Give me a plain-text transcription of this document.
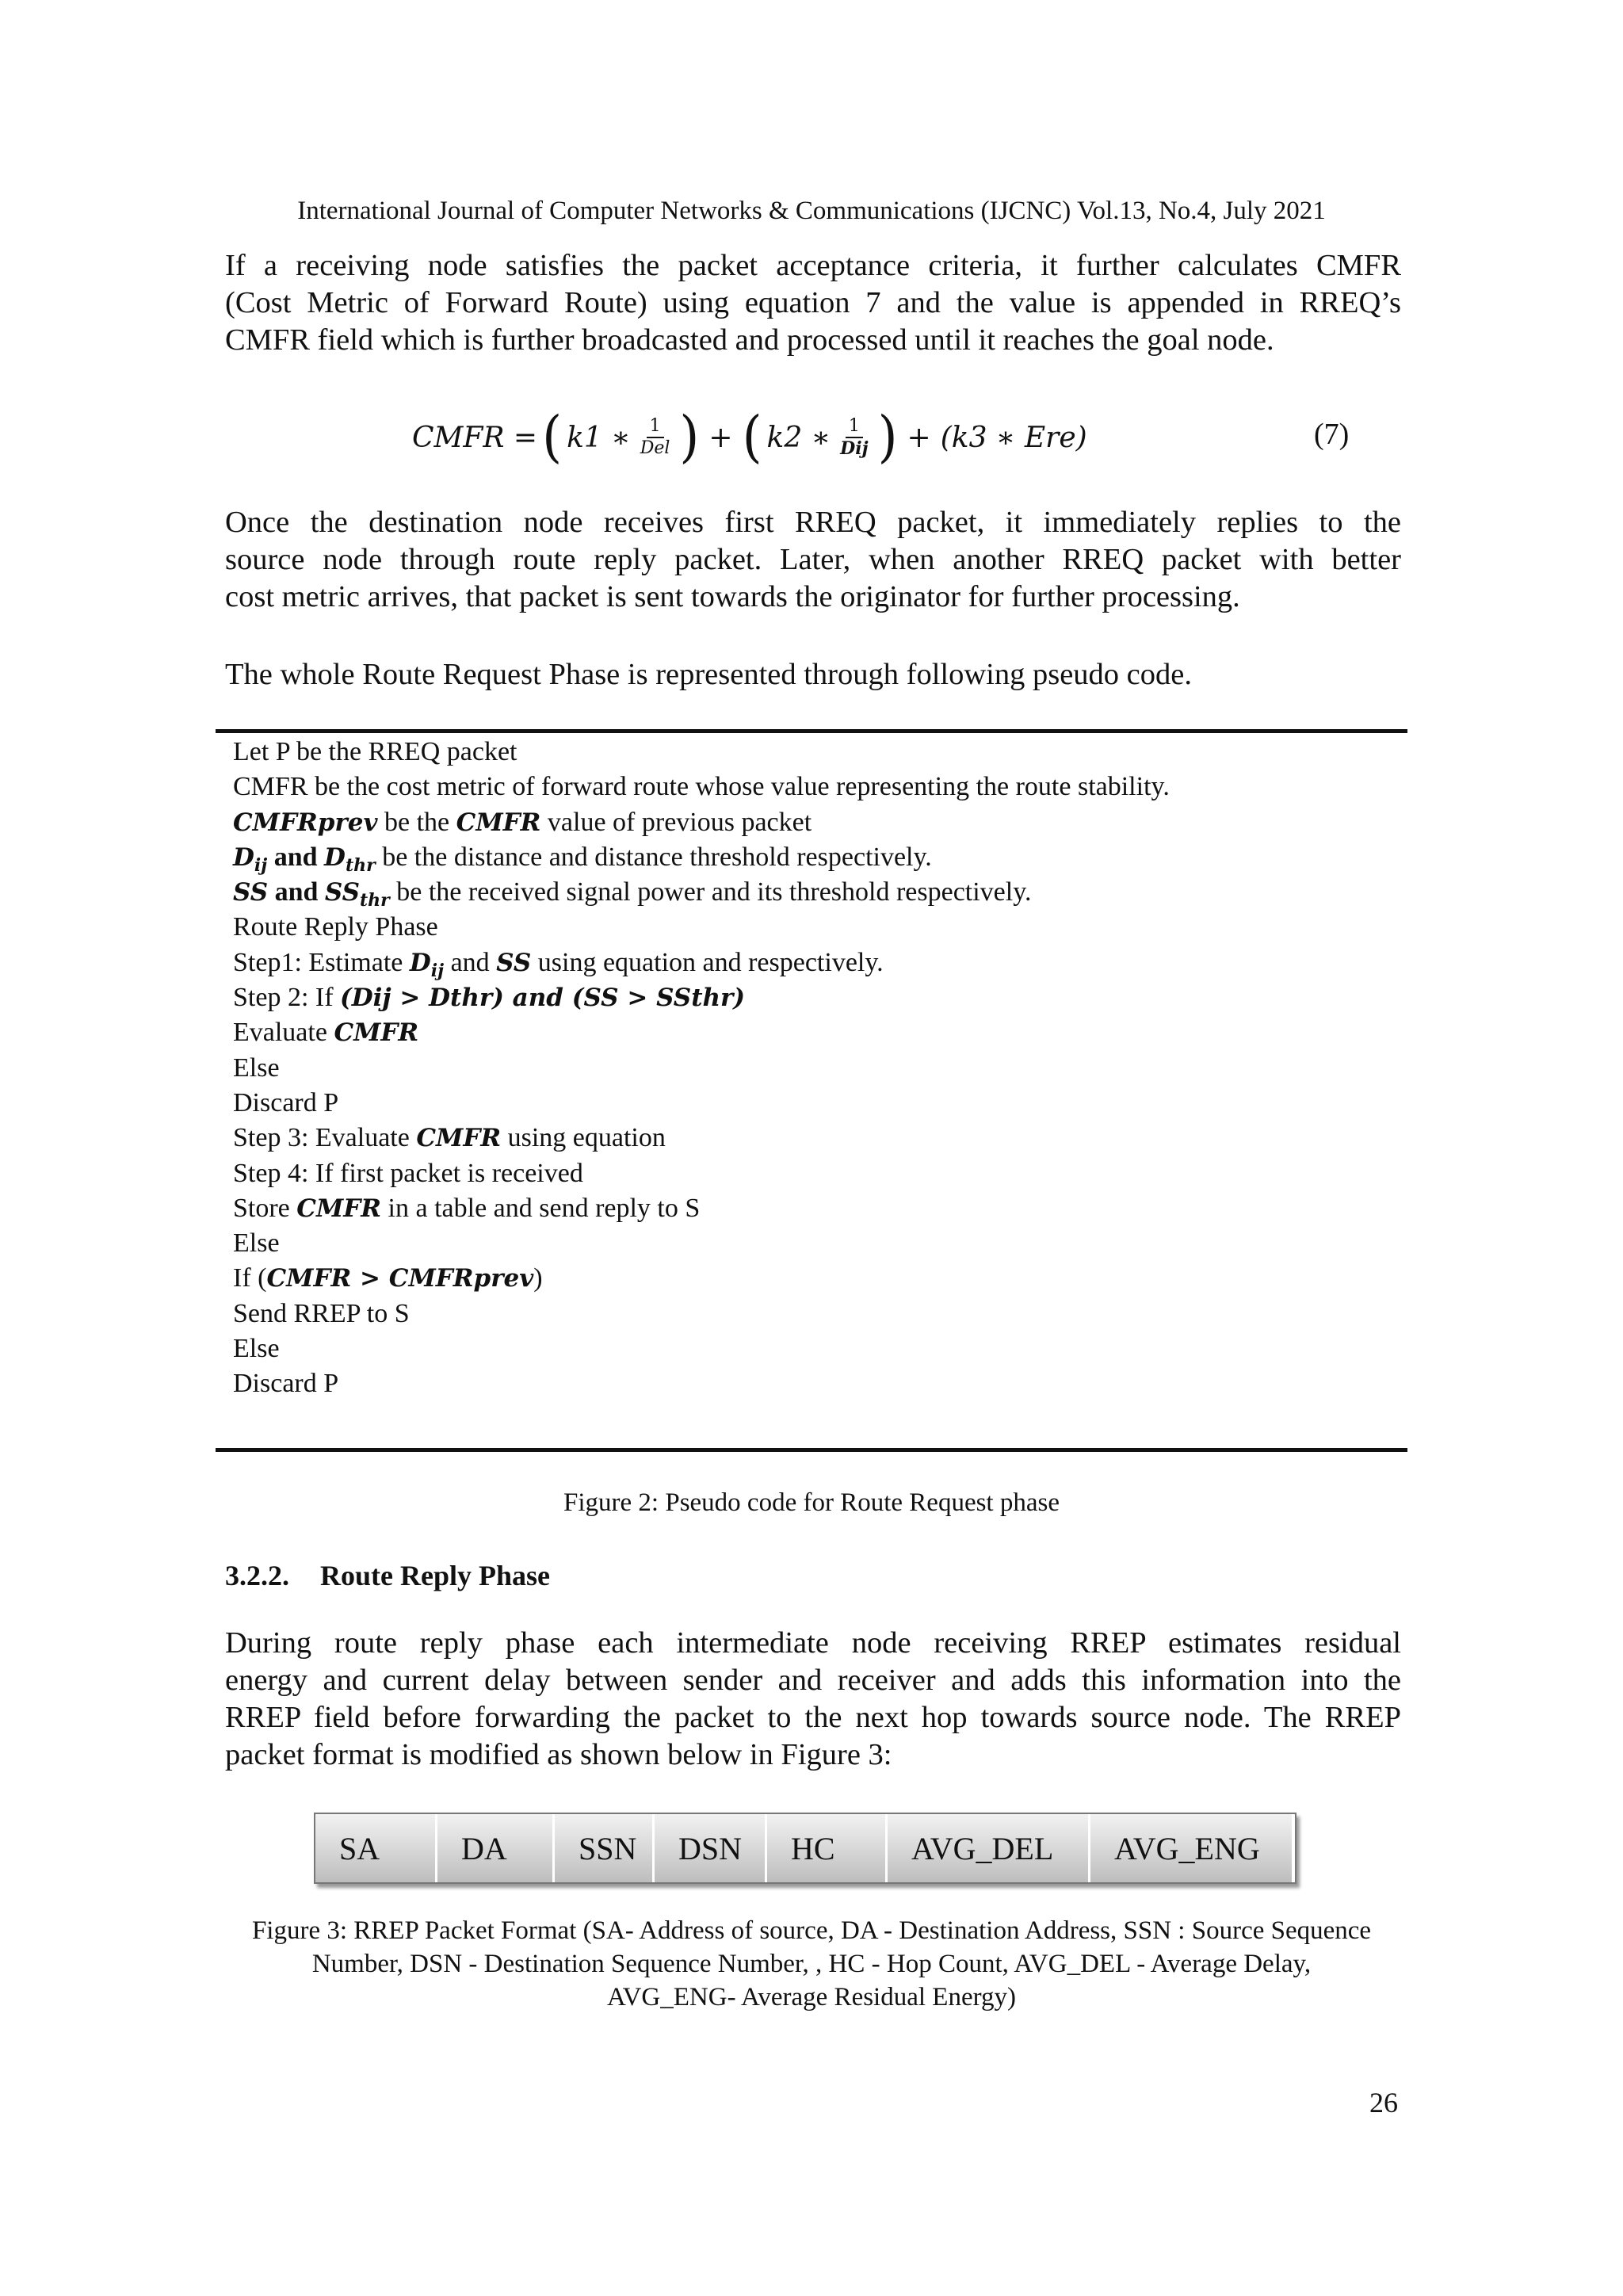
International Journal of Computer Networks & Communications (IJCNC) Vol.13, No.4, July 2021
If a receiving node satisfies the packet acceptance criteria, it further calculates CMFR
(Cost Metric of Forward Route) using equation 7 and the value is appended in RREQ’s
CMFR field which is further broadcasted and processed until it reaches the goal node.
CMFR = ( k1 ∗ $\frac{1}{\text{Del}}$ ) + ( k2 ∗ $\frac{1}{\text{Dij}}$ ) + (k3 ∗ Ere)	(7)
Once the destination node receives first RREQ packet, it immediately replies to the
source node through route reply packet. Later, when another RREQ packet with better
cost metric arrives, that packet is sent towards the originator for further processing.
The whole Route Request Phase is represented through following pseudo code.
Let P be the RREQ packet
CMFR be the cost metric of forward route whose value representing the route stability.
CMFRprev be the CMFR value of previous packet
$D_{ij}$ and $D_{thr}$ be the distance and distance threshold respectively.
SS and $SS_{thr}$ be the received signal power and its threshold respectively.
Route Reply Phase
Step1: Estimate $D_{ij}$ and SS using equation and respectively.
Step 2: If (Dij > Dthr) and (SS > SSthr)
Evaluate CMFR
Else
Discard P
Step 3: Evaluate CMFR using equation
Step 4: If first packet is received
Store CMFR in a table and send reply to S
Else
If (CMFR > CMFRprev)
Send RREP to S
Else
Discard P
Figure 2: Pseudo code for Route Request phase
3.2.2. Route Reply Phase
During route reply phase each intermediate node receiving RREP estimates residual
energy and current delay between sender and receiver and adds this information into the
RREP field before forwarding the packet to the next hop towards source node. The RREP
packet format is modified as shown below in Figure 3:
SA	DA	SSN	DSN	HC	AVG_DEL	AVG_ENG
Figure 3: RREP Packet Format (SA- Address of source, DA - Destination Address, SSN : Source Sequence
Number, DSN - Destination Sequence Number, , HC - Hop Count, AVG_DEL - Average Delay,
AVG_ENG- Average Residual Energy)
26
